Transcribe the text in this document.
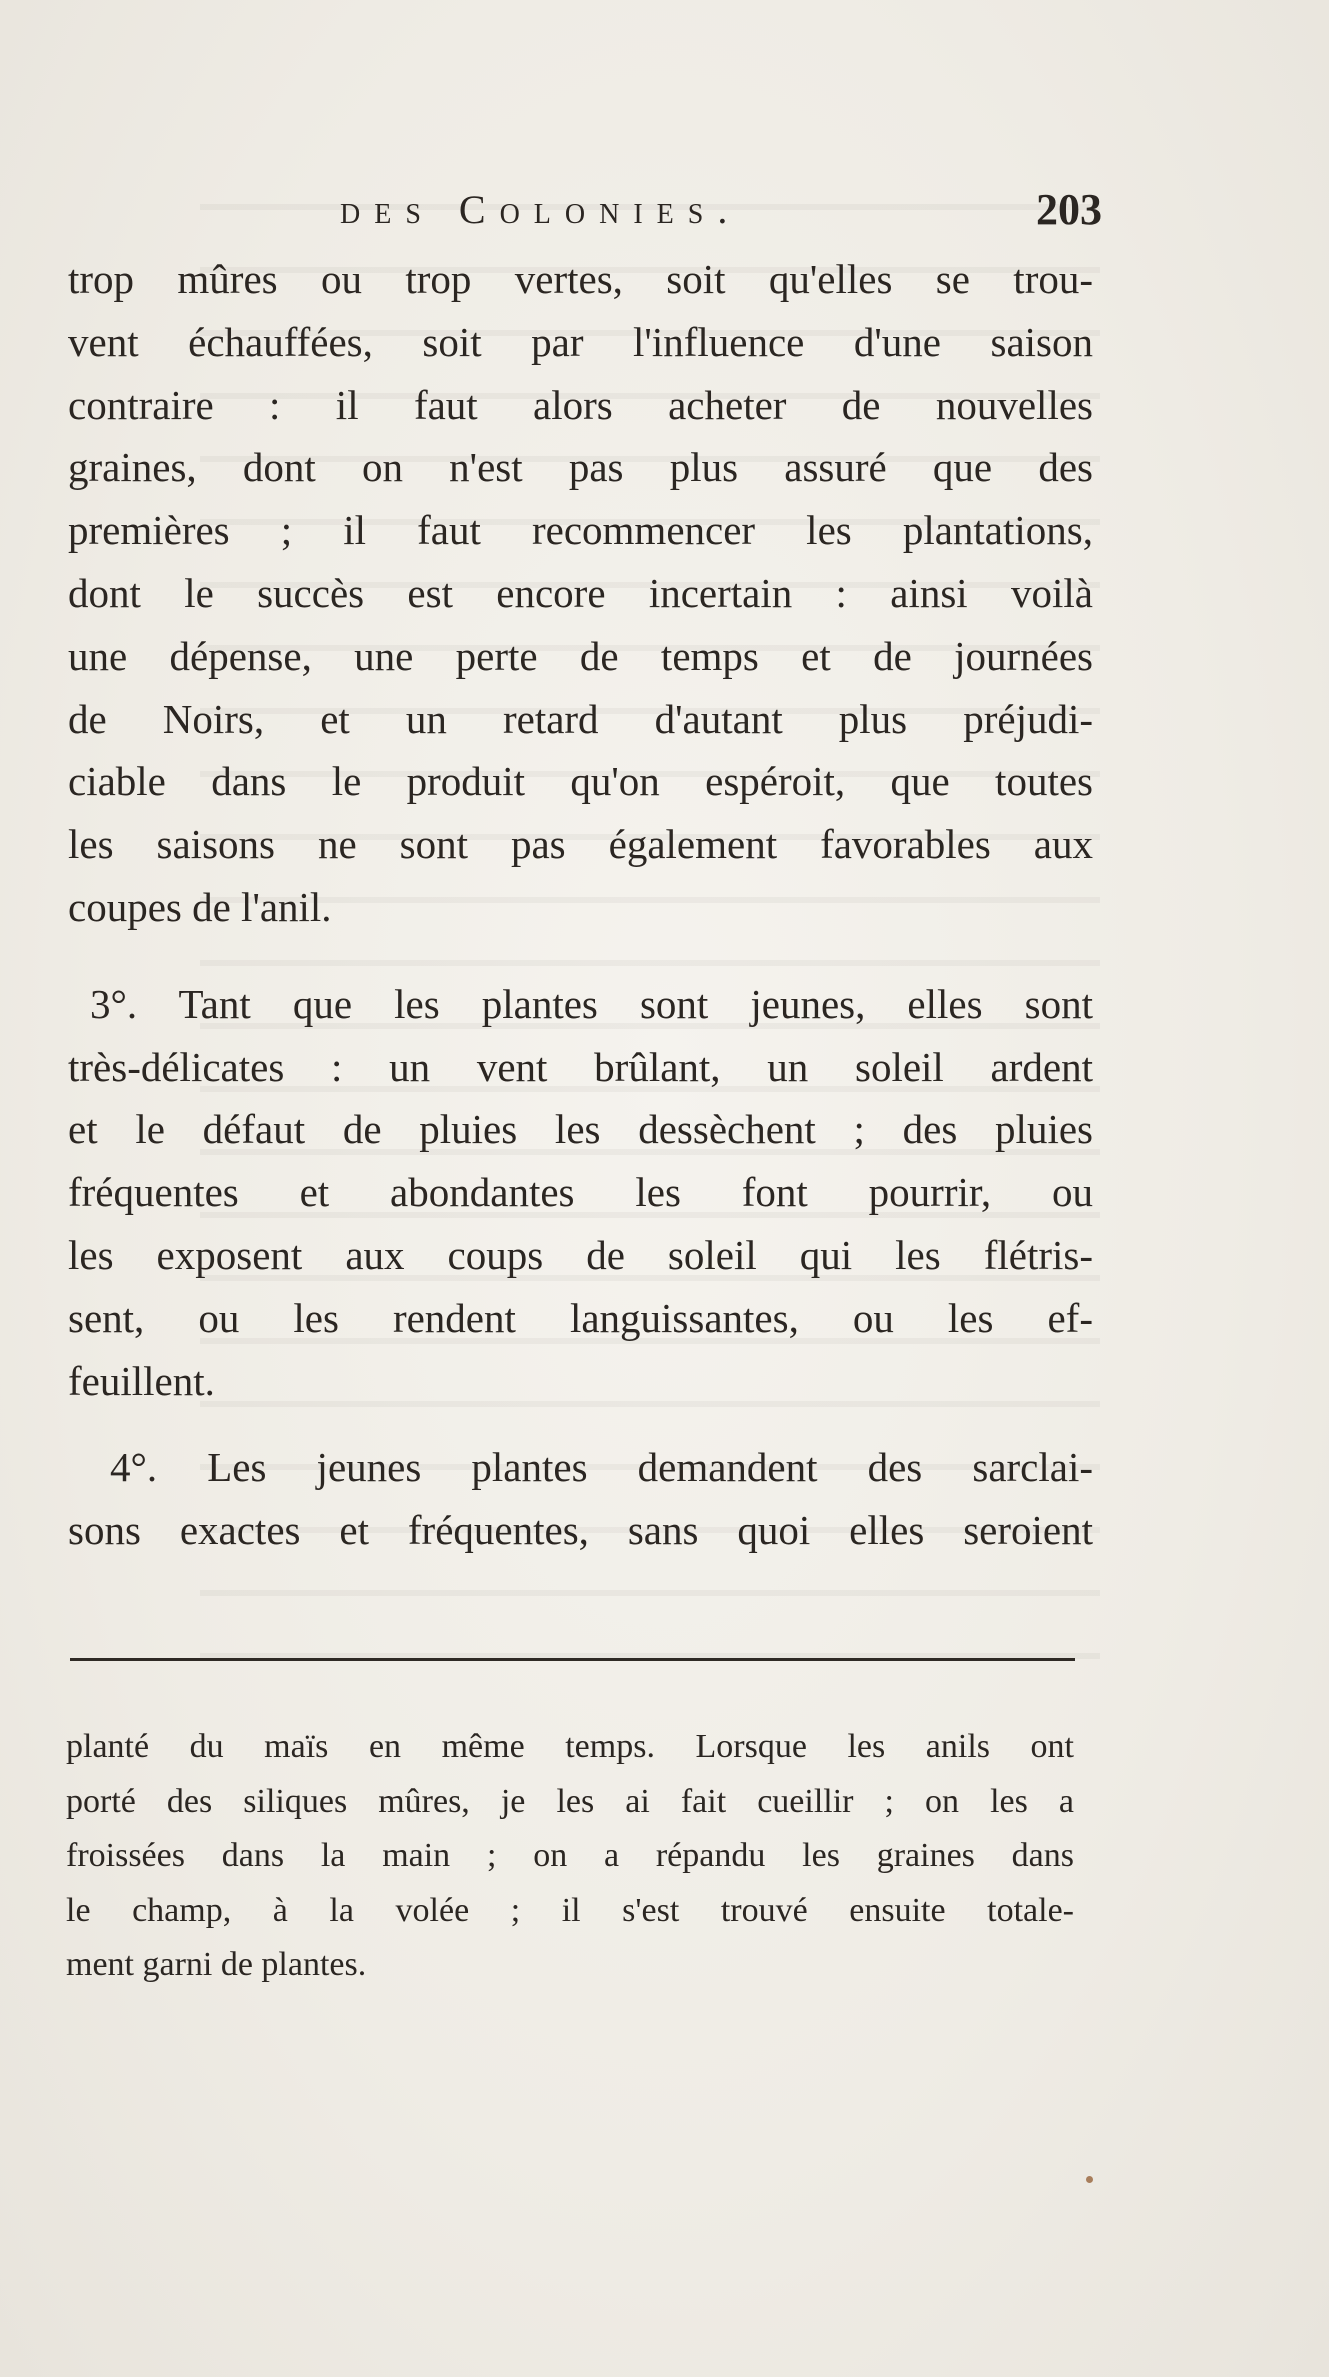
des Colonies.	203
trop mûres ou trop vertes, soit qu'elles se trou-
vent échauffées, soit par l'influence d'une saison
contraire : il faut alors acheter de nouvelles
graines, dont on n'est pas plus assuré que des
premières ; il faut recommencer les plantations,
dont le succès est encore incertain : ainsi voilà
une dépense, une perte de temps et de journées
de Noirs, et un retard d'autant plus préjudi-
ciable dans le produit qu'on espéroit, que toutes
les saisons ne sont pas également favorables aux
coupes de l'anil.
3°. Tant que les plantes sont jeunes, elles sont
très-délicates : un vent brûlant, un soleil ardent
et le défaut de pluies les dessèchent ; des pluies
fréquentes et abondantes les font pourrir, ou
les exposent aux coups de soleil qui les flétris-
sent, ou les rendent languissantes, ou les ef-
feuillent.
4°. Les jeunes plantes demandent des sarclai-
sons exactes et fréquentes, sans quoi elles seroient
planté du maïs en même temps. Lorsque les anils ont
porté des siliques mûres, je les ai fait cueillir ; on les a
froissées dans la main ; on a répandu les graines dans
le champ, à la volée ; il s'est trouvé ensuite totale-
ment garni de plantes.
